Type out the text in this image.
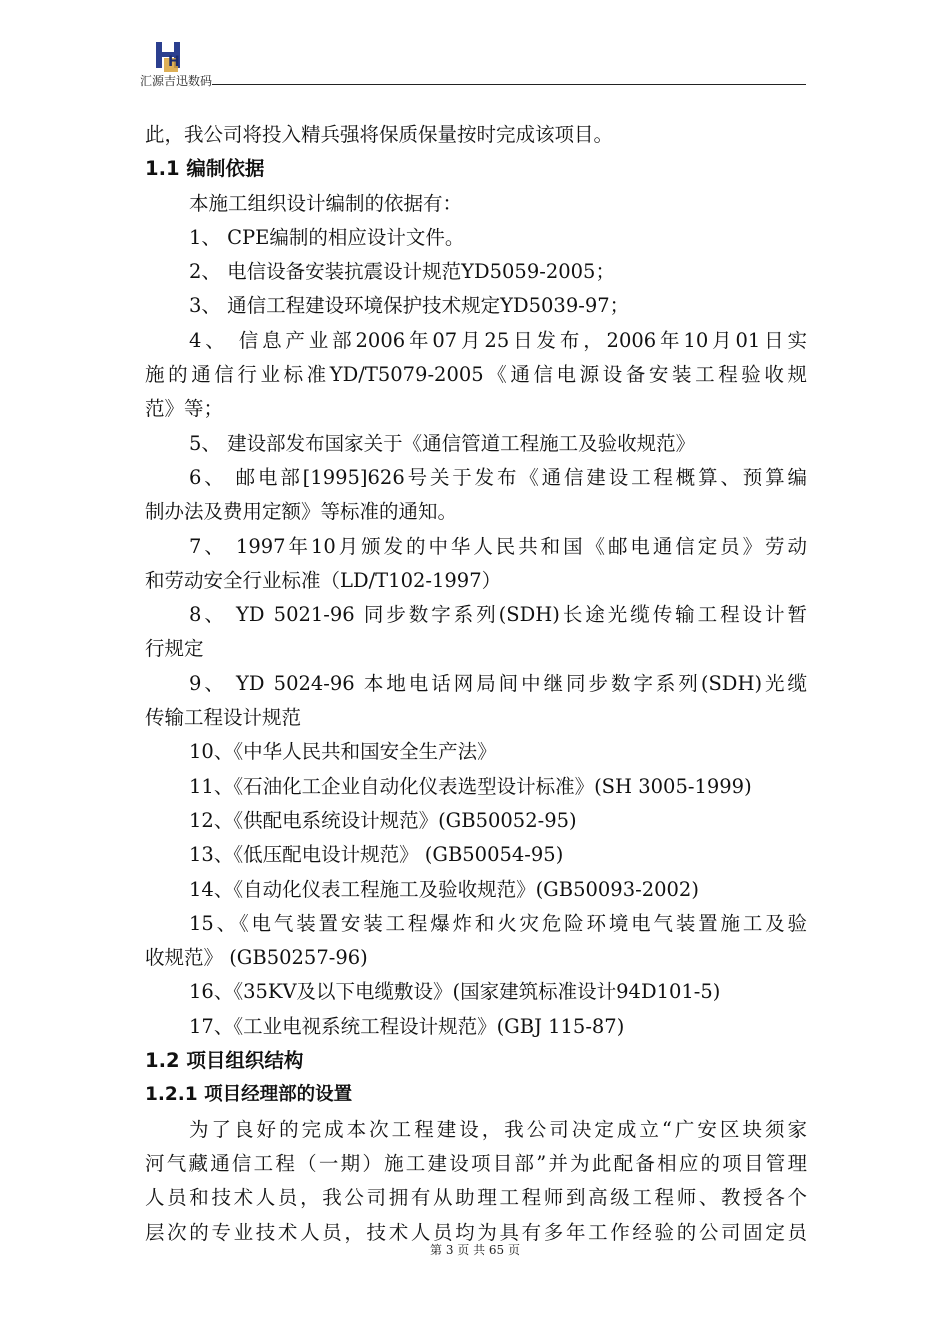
H
汇源吉迅数码
此，我公司将投入精兵强将保质保量按时完成该项目。
1.1 编制依据
本施工组织设计编制的依据有：
1、 CPE编制的相应设计文件。
2、 电信设备安装抗震设计规范YD5059-2005；
3、 通信工程建设环境保护技术规定YD5039-97；
4、 信息产业部2006年07月25日发布，2006年10月01日实
施的通信行业标准YD/T5079-2005《通信电源设备安装工程验收规
范》等；
5、 建设部发布国家关于《通信管道工程施工及验收规范》
6、 邮电部[1995]626号关于发布《通信建设工程概算、预算编
制办法及费用定额》等标准的通知。
7、 1997年10月颁发的中华人民共和国《邮电通信定员》劳动
和劳动安全行业标准（LD/T102-1997）
8、 YD 5021-96 同步数字系列(SDH)长途光缆传输工程设计暂
行规定
9、 YD 5024-96 本地电话网局间中继同步数字系列(SDH)光缆
传输工程设计规范
10、《中华人民共和国安全生产法》
11、《石油化工企业自动化仪表选型设计标准》(SH 3005-1999)
12、《供配电系统设计规范》(GB50052-95)
13、《低压配电设计规范》 (GB50054-95)
14、《自动化仪表工程施工及验收规范》(GB50093-2002)
15、《电气装置安装工程爆炸和火灾危险环境电气装置施工及验
收规范》 (GB50257-96)
16、《35KV及以下电缆敷设》(国家建筑标准设计94D101-5)
17、《工业电视系统工程设计规范》(GBJ 115-87)
1.2 项目组织结构
1.2.1 项目经理部的设置
为了良好的完成本次工程建设，我公司决定成立“广安区块须家
河气藏通信工程（一期）施工建设项目部”并为此配备相应的项目管理
人员和技术人员，我公司拥有从助理工程师到高级工程师、教授各个
层次的专业技术人员，技术人员均为具有多年工作经验的公司固定员
第 3 页 共 65 页
